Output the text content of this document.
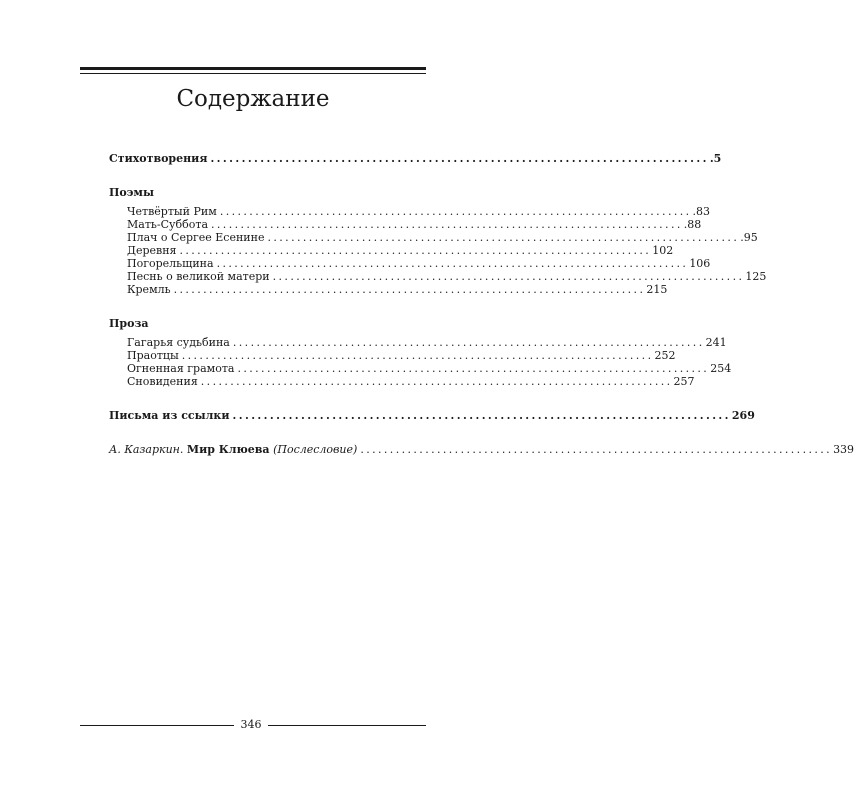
Содержание
Стихотворения ................................................................................ .5
Поэмы
Четвёртый Рим ................................................................................ .83
Мать-Суббота ................................................................................ .88
Плач о Сергее Есенине ................................................................................ .95
Деревня ................................................................................ 102
Погорельщина ................................................................................ 106
Песнь о великой матери ................................................................................ 125
Кремль ................................................................................ 215
Проза
Гагарья судьбина ................................................................................ 241
Праотцы ................................................................................ 252
Огненная грамота ................................................................................ 254
Сновидения ................................................................................ 257
Письма из ссылки ................................................................................ 269
А. Казаркин. Мир Клюева (Послесловие) ................................................................................ 339
346
